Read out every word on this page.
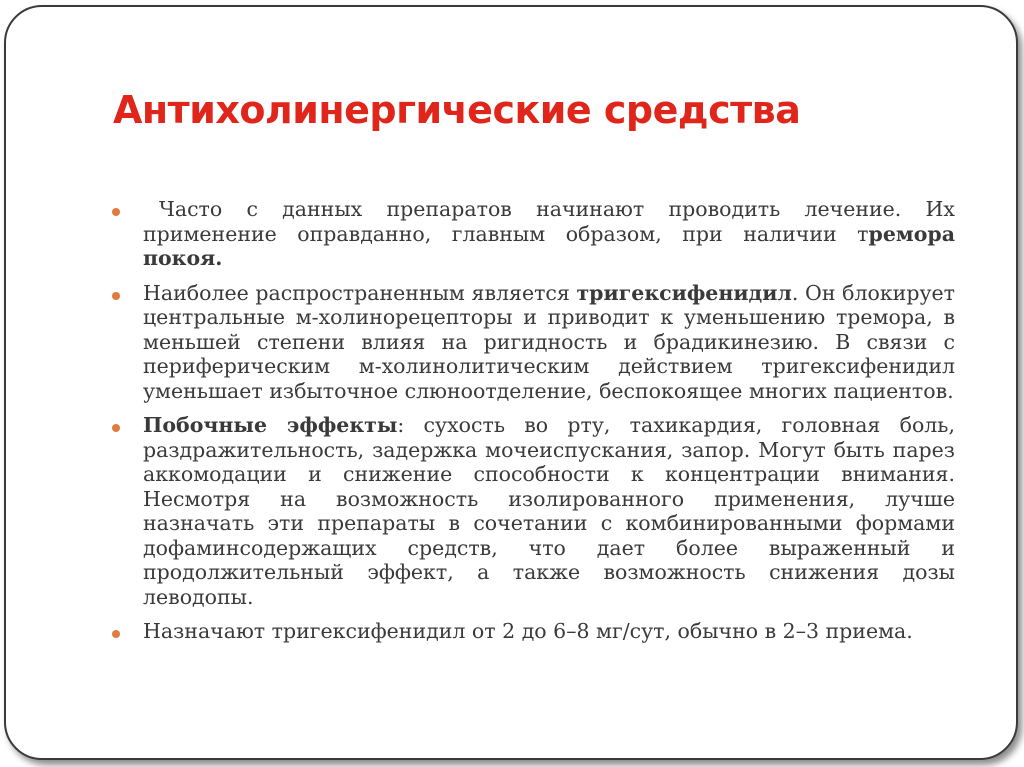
Антихолинергические средства
Часто с данных препаратов начинают проводить лечение. Их применение оправданно, главным образом, при наличии тремора покоя.
Наиболее распространенным является тригексифенидил. Он блокирует центральные м-холинорецепторы и приводит к уменьшению тремора, в меньшей степени влияя на ригидность и брадикинезию. В связи с периферическим м-холинолитическим действием тригексифенидил уменьшает избыточное слюноотделение, беспокоящее многих пациентов.
Побочные эффекты: сухость во рту, тахикардия, головная боль, раздражительность, задержка мочеиспускания, запор. Могут быть парез аккомодации и снижение способности к концентрации внимания. Несмотря на возможность изолированного применения, лучше назначать эти препараты в сочетании с комбинированными формами дофаминсодержащих средств, что дает более выраженный и продолжительный эффект, а также возможность снижения дозы леводопы.
Назначают тригексифенидил от 2 до 6–8 мг/сут, обычно в 2–3 приема.
